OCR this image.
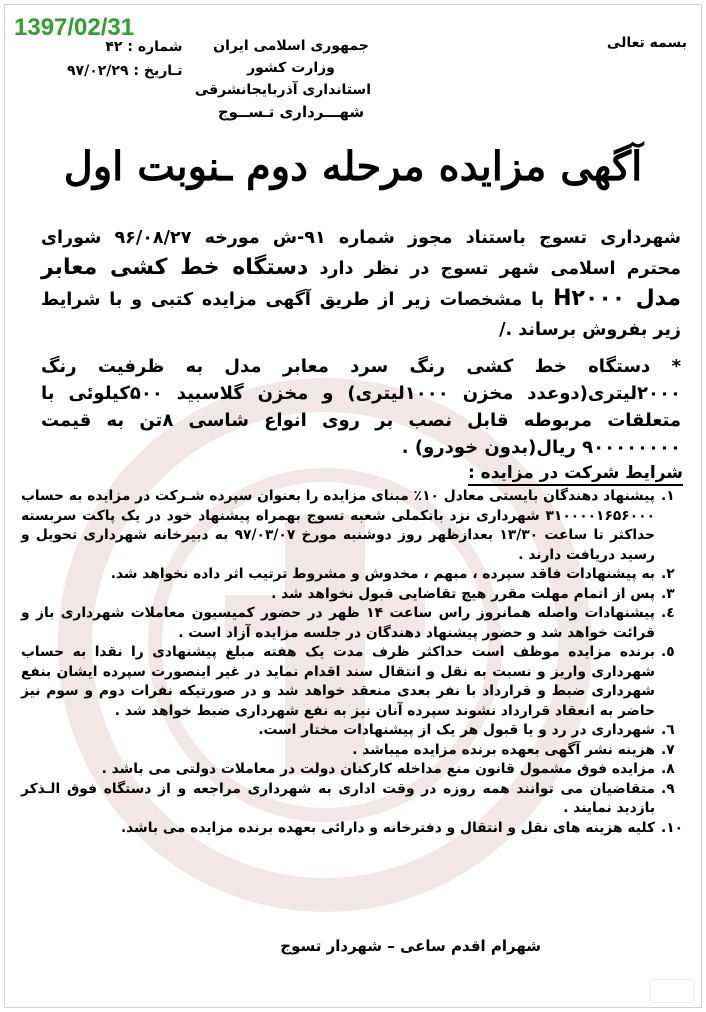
بسمه تعالی
جمهوری اسلامی ایران
وزارت کشور
استانداری آذربایجانشرقی
شهـــرداری تـســوج
شماره : ۴۲
تـاریخ : ۹۷/۰۲/۲۹
آگهی مزایده مرحله دوم ـنوبت اول
شهرداری تسوج باستناد مجوز شماره ۹۱-ش مورخه ۹۶/۰۸/۲۷ شورای محترم اسلامی شهر تسوج در نظر دارد دستگاه خط کشی معابر مدل H۲۰۰۰ با مشخصات زیر از طریق آگهی مزایده کتبی و با شرایط زیر بفروش برساند ./
* دستگاه خط کشی رنگ سرد معابر مدل به ظرفیت رنگ ۲۰۰۰لیتری(دوعدد مخزن ۱۰۰۰لیتری) و مخزن گلاسبید ۵۰۰کیلوئی با متعلقات مربوطه قابل نصب بر روی انواع شاسی ۸تن به قیمت ۹۰۰۰۰۰۰۰۰ ریال(بدون خودرو) .
شرایط شرکت در مزایده :
١.
پیشنهاد دهندگان بایستی معادل ۱۰٪ مبنای مزایده را بعنوان سپرده شـرکت در مزایده به حساب ۳۱۰۰۰۰۱۶۵۶۰۰۰ شهرداری نزد بانکملی شعبه تسوج بهمراه پیشنهاد خود در یک پاکت سربسته حداکثر تا ساعت ۱۳/۳۰ بعدازظهر روز دوشنبه مورخ ۹۷/۰۳/۰۷ به دبیرخانه شهرداری تحویل و رسید دریافت دارند .
٢.
به پیشنهادات فاقد سپرده ، مبهم ، مخدوش و مشروط ترتیب اثر داده نخواهد شد.
٣.
پس از اتمام مهلت مقرر هیچ تقاضایی قبول نخواهد شد .
٤.
پیشنهادات واصله همانروز راس ساعت ۱۴ ظهر در حضور کمیسیون معاملات شهرداری باز و قرائت خواهد شد و حضور پیشنهاد دهندگان در جلسه مزایده آزاد است .
٥.
برنده مزایده موظف است حداکثر ظرف مدت یک هفته مبلغ پیشنهادی را نقدا به حساب شهرداری واریز و نسبت به نقل و انتقال سند اقدام نماید در غیر اینصورت سپرده ایشان بنفع شهرداری ضبط و قرارداد با نفر بعدی منعقد خواهد شد و در صورتیکه نفرات دوم و سوم نیز حاضر به انعقاد قرارداد نشوند سپرده آنان نیز به نفع شهرداری ضبط خواهد شد .
٦.
شهرداری در رد و یا قبول هر یک از پیشنهادات مختار است.
٧.
هزینه نشر آگهی بعهده برنده مزایده میباشد .
٨.
مزایده فوق مشمول قانون منع مداخله کارکنان دولت در معاملات دولتی می باشد .
٩.
متقاضیان می توانند همه روزه در وقت اداری به شهرداری مراجعه و از دستگاه فوق الـذکر بازدید نمایند .
١٠.
کلیه هزینه های نقل و انتقال و دفترخانه و دارائی بعهده برنده مزایده می باشد.
شهرام اقدم ساعی – شهردار تسوج
1397/02/31
